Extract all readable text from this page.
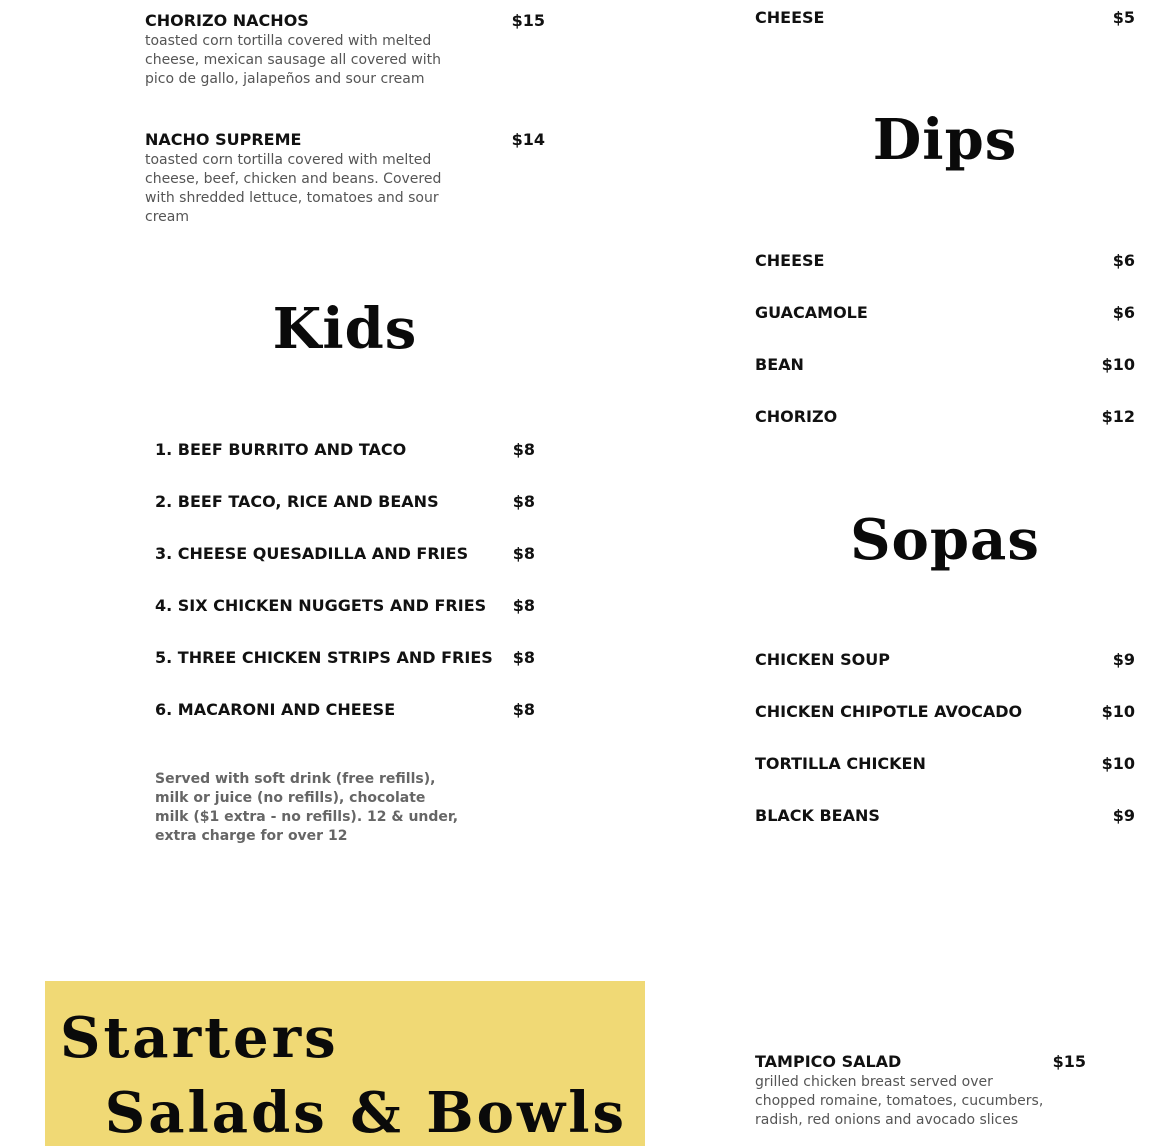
CHORIZO NACHOS	$15
toasted corn tortilla covered with melted cheese, mexican sausage all covered with pico de gallo, jalapeños and sour cream
NACHO SUPREME	$14
toasted corn tortilla covered with melted cheese, beef, chicken and beans. Covered with shredded lettuce, tomatoes and sour cream
CHEESE	$5
Dips
CHEESE	$6
GUACAMOLE	$6
BEAN	$10
CHORIZO	$12
Kids
1. BEEF BURRITO AND TACO	$8
2. BEEF TACO, RICE AND BEANS	$8
3. CHEESE QUESADILLA AND FRIES	$8
4. SIX CHICKEN NUGGETS AND FRIES $8
5. THREE CHICKEN STRIPS AND FRIES $8
6. MACARONI AND CHEESE	$8
Served with soft drink (free refills), milk or juice (no refills), chocolate milk ($1 extra - no refills). 12 & under, extra charge for over 12
Sopas
CHICKEN SOUP	$9
CHICKEN CHIPOTLE AVOCADO	$10
TORTILLA CHICKEN	$10
BLACK BEANS	$9
Starters
Salads & Bowls
TAMPICO SALAD	$15
grilled chicken breast served over chopped romaine, tomatoes, cucumbers, radish, red onions and avocado slices
